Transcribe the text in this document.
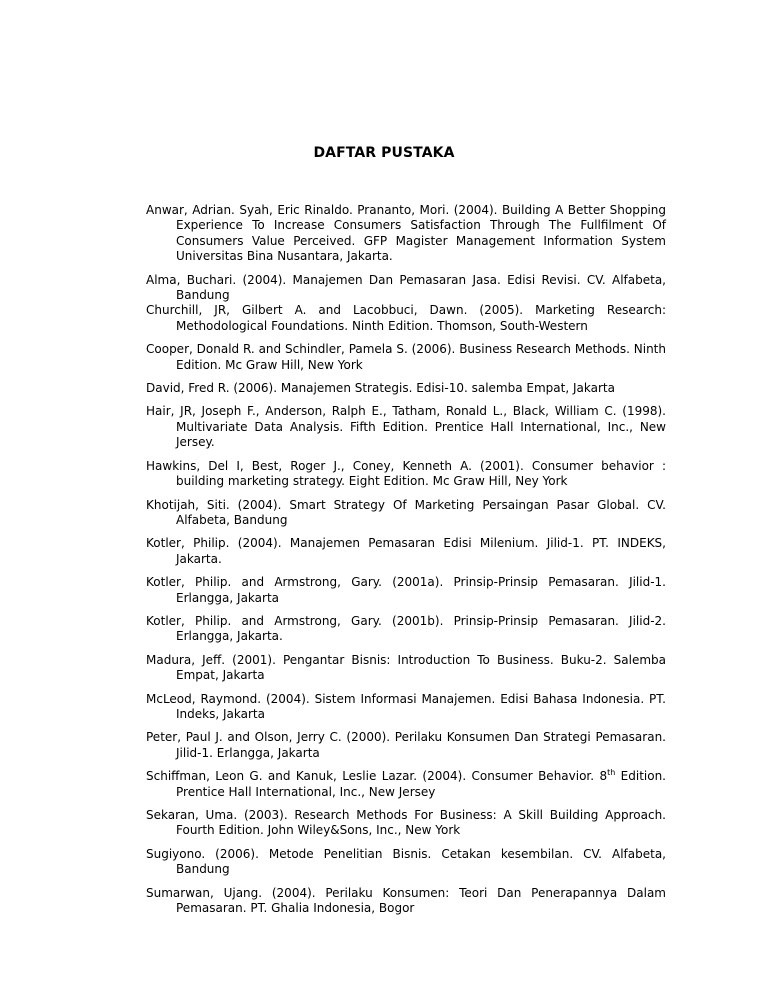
DAFTAR PUSTAKA

Anwar, Adrian. Syah, Eric Rinaldo. Prananto, Mori. (2004). Building A Better Shopping Experience To Increase Consumers Satisfaction Through The Fullfilment Of Consumers Value Perceived. GFP Magister Management Information System Universitas Bina Nusantara, Jakarta.

Alma, Buchari. (2004). Manajemen Dan Pemasaran Jasa. Edisi Revisi. CV. Alfabeta, Bandung

Churchill, JR, Gilbert A. and Lacobbuci, Dawn. (2005). Marketing Research: Methodological Foundations. Ninth Edition. Thomson, South-Western

Cooper, Donald R. and Schindler, Pamela S. (2006). Business Research Methods. Ninth Edition. Mc Graw Hill, New York

David, Fred R. (2006). Manajemen Strategis. Edisi-10. salemba Empat, Jakarta

Hair, JR, Joseph F., Anderson, Ralph E., Tatham, Ronald L., Black, William C. (1998). Multivariate Data Analysis. Fifth Edition. Prentice Hall International, Inc., New Jersey.

Hawkins, Del I, Best, Roger J., Coney, Kenneth A. (2001). Consumer behavior : building marketing strategy. Eight Edition. Mc Graw Hill, Ney York

Khotijah, Siti. (2004). Smart Strategy Of Marketing Persaingan Pasar Global. CV. Alfabeta, Bandung

Kotler, Philip. (2004). Manajemen Pemasaran Edisi Milenium. Jilid-1. PT. INDEKS, Jakarta.

Kotler, Philip. and Armstrong, Gary. (2001a). Prinsip-Prinsip Pemasaran. Jilid-1. Erlangga, Jakarta

Kotler, Philip. and Armstrong, Gary. (2001b). Prinsip-Prinsip Pemasaran. Jilid-2. Erlangga, Jakarta.

Madura, Jeff. (2001). Pengantar Bisnis: Introduction To Business. Buku-2. Salemba Empat, Jakarta

McLeod, Raymond. (2004). Sistem Informasi Manajemen. Edisi Bahasa Indonesia. PT. Indeks, Jakarta

Peter, Paul J. and Olson, Jerry C. (2000). Perilaku Konsumen Dan Strategi Pemasaran. Jilid-1. Erlangga, Jakarta

Schiffman, Leon G. and Kanuk, Leslie Lazar. (2004). Consumer Behavior. 8th Edition. Prentice Hall International, Inc., New Jersey

Sekaran, Uma. (2003). Research Methods For Business: A Skill Building Approach. Fourth Edition. John Wiley&Sons, Inc., New York

Sugiyono. (2006). Metode Penelitian Bisnis. Cetakan kesembilan. CV. Alfabeta, Bandung

Sumarwan, Ujang. (2004). Perilaku Konsumen: Teori Dan Penerapannya Dalam Pemasaran. PT. Ghalia Indonesia, Bogor
